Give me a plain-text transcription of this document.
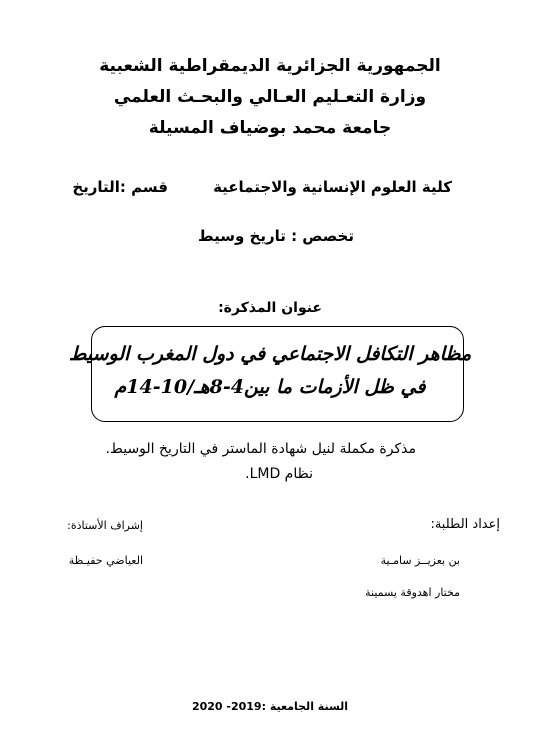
الجمهورية الجزائرية الديمقراطية الشعبية
وزارة التعـليم العـالي والبحـث العلمي
جامعة محمد بوضياف المسيلة
كلية العلوم الإنسانية والاجتماعية
قسم :التاريخ
تخصص : تاريخ وسيط
عنوان المذكرة:
مظاهر التكافل الاجتماعي في دول المغرب الوسيط
في ظل الأزمات ما بين4-8هـ/10-14م
مذكرة مكملة لنيل شهادة الماستر في التاريخ الوسيط.
نظام LMD.
إعداد الطلبة:
بن بعزيــز سامـية
مختار اهدوقة يسمينة
إشراف الأستاذة:
العياضي حفيـظة
السنة الجامعية :2019- 2020
